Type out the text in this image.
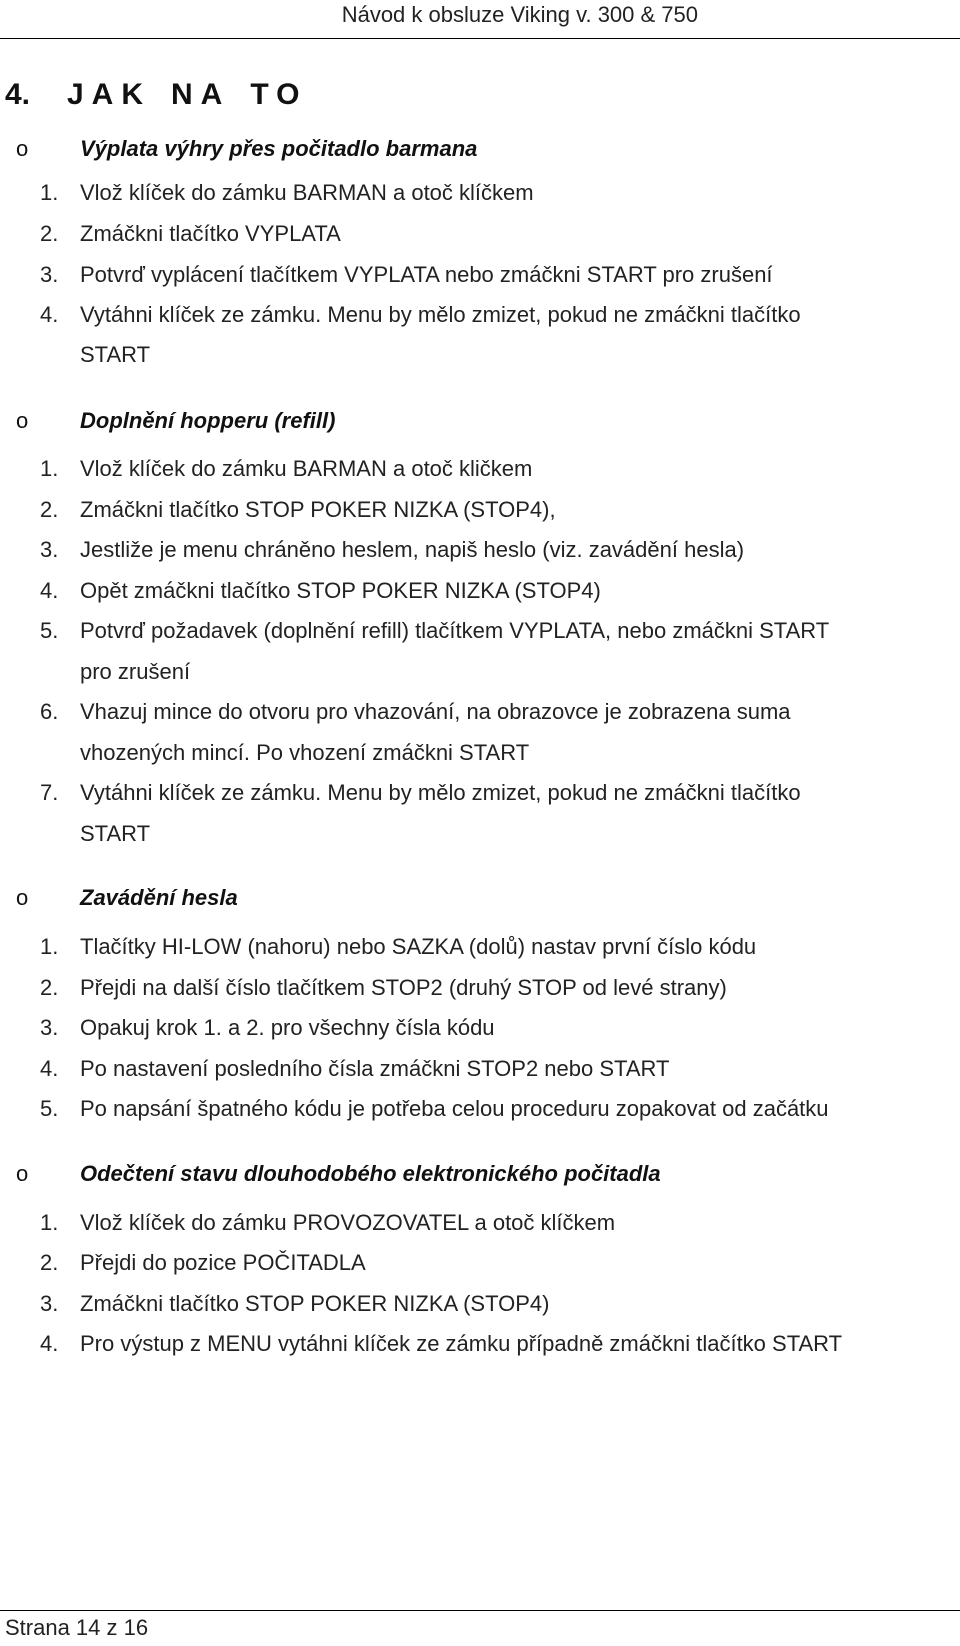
Návod k obsluze Viking v. 300 & 750
4. JAK NA TO
o Výplata výhry přes počitadlo barmana
1. Vlož klíček do zámku BARMAN a otoč klíčkem
2. Zmáčkni tlačítko VYPLATA
3. Potvrď vyplácení tlačítkem VYPLATA nebo zmáčkni START pro zrušení
4. Vytáhni klíček ze zámku. Menu by mělo zmizet, pokud ne zmáčkni tlačítko
START
o Doplnění hopperu (refill)
1. Vlož klíček do zámku BARMAN a otoč kličkem
2. Zmáčkni tlačítko STOP POKER NIZKA (STOP4),
3. Jestliže je menu chráněno heslem, napiš heslo (viz. zavádění hesla)
4. Opět zmáčkni tlačítko STOP POKER NIZKA (STOP4)
5. Potvrď požadavek (doplnění refill) tlačítkem VYPLATA, nebo zmáčkni START
pro zrušení
6. Vhazuj mince do otvoru pro vhazování, na obrazovce je zobrazena suma
vhozených mincí. Po vhození zmáčkni START
7. Vytáhni klíček ze zámku. Menu by mělo zmizet, pokud ne zmáčkni tlačítko
START
o Zavádění hesla
1. Tlačítky HI-LOW (nahoru) nebo SAZKA (dolů) nastav první číslo kódu
2. Přejdi na další číslo tlačítkem STOP2 (druhý STOP od levé strany)
3. Opakuj krok 1. a 2. pro všechny čísla kódu
4. Po nastavení posledního čísla zmáčkni STOP2 nebo START
5. Po napsání špatného kódu je potřeba celou proceduru zopakovat od začátku
o Odečtení stavu dlouhodobého elektronického počitadla
1. Vlož klíček do zámku PROVOZOVATEL a otoč klíčkem
2. Přejdi do pozice POČITADLA
3. Zmáčkni tlačítko STOP POKER NIZKA (STOP4)
4. Pro výstup z MENU vytáhni klíček ze zámku případně zmáčkni tlačítko START
Strana 14 z 16
